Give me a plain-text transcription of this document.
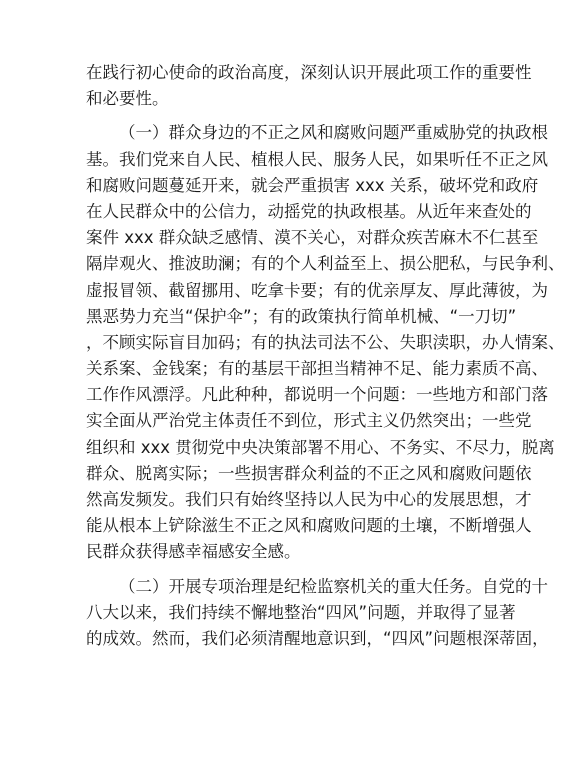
在践行初心使命的政治高度，深刻认识开展此项工作的重要性
和必要性。
（一）群众身边的不正之风和腐败问题严重威胁党的执政根
基。我们党来自人民、植根人民、服务人民，如果听任不正之风
和腐败问题蔓延开来，就会严重损害 xxx 关系，破坏党和政府
在人民群众中的公信力，动摇党的执政根基。从近年来查处的
案件 xxx 群众缺乏感情、漠不关心，对群众疾苦麻木不仁甚至
隔岸观火、推波助澜；有的个人利益至上、损公肥私，与民争利、
虚报冒领、截留挪用、吃拿卡要；有的优亲厚友、厚此薄彼，为
黑恶势力充当“保护伞”；有的政策执行简单机械、“一刀切”
，不顾实际盲目加码；有的执法司法不公、失职渎职，办人情案、
关系案、金钱案；有的基层干部担当精神不足、能力素质不高、
工作作风漂浮。凡此种种，都说明一个问题：一些地方和部门落
实全面从严治党主体责任不到位，形式主义仍然突出；一些党
组织和 xxx 贯彻党中央决策部署不用心、不务实、不尽力，脱离
群众、脱离实际；一些损害群众利益的不正之风和腐败问题依
然高发频发。我们只有始终坚持以人民为中心的发展思想，才
能从根本上铲除滋生不正之风和腐败问题的土壤，不断增强人
民群众获得感幸福感安全感。
（二）开展专项治理是纪检监察机关的重大任务。自党的十
八大以来，我们持续不懈地整治“四风”问题，并取得了显著
的成效。然而，我们必须清醒地意识到，“四风”问题根深蒂固，
